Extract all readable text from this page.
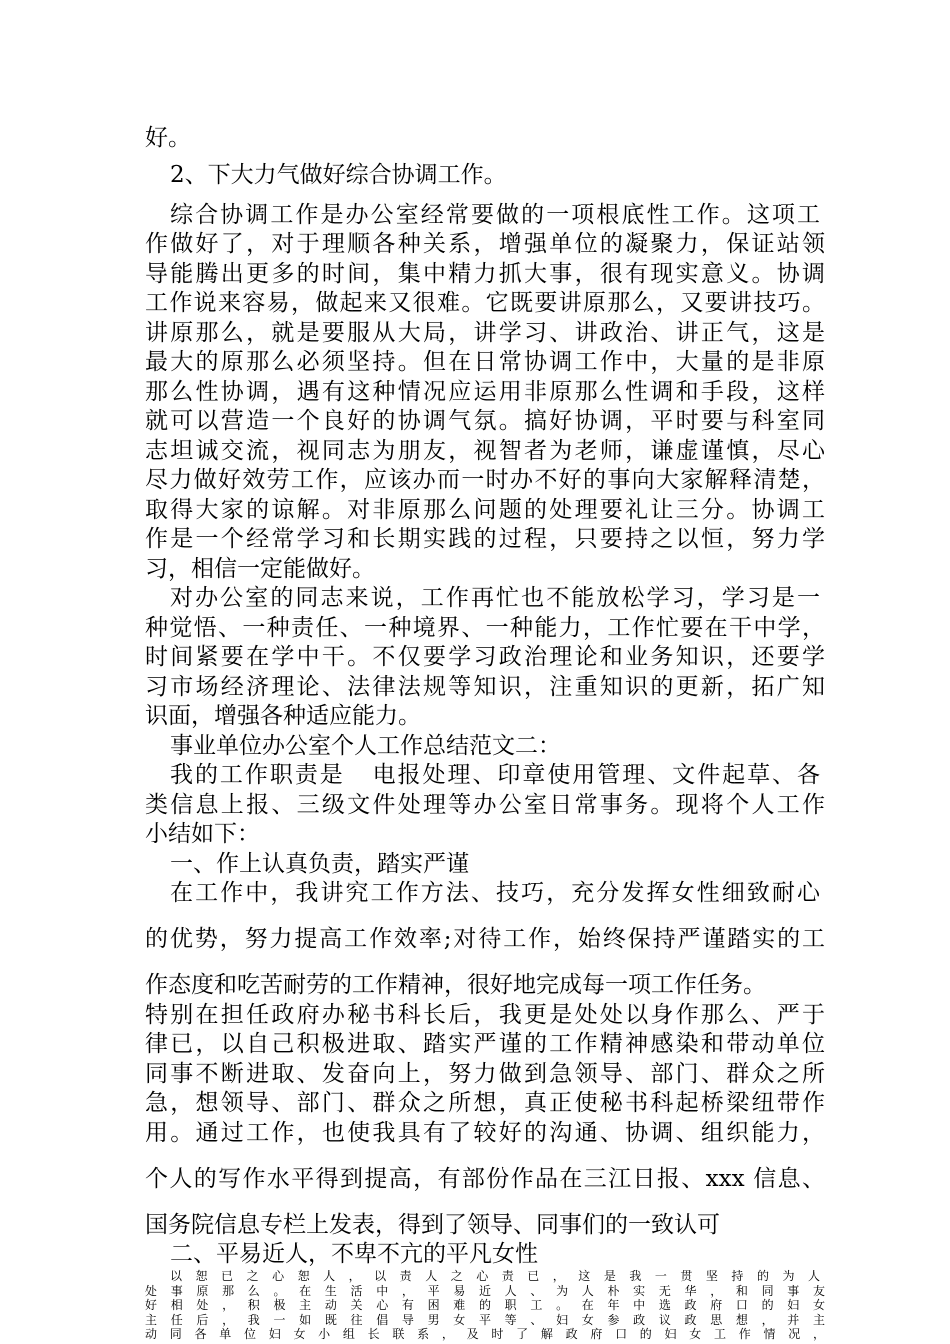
好。
2、下大力气做好综合协调工作。
综合协调工作是办公室经常要做的一项根底性工作。这项工
作做好了，对于理顺各种关系，增强单位的凝聚力，保证站领
导能腾出更多的时间，集中精力抓大事，很有现实意义。协调
工作说来容易，做起来又很难。它既要讲原那么，又要讲技巧。
讲原那么，就是要服从大局，讲学习、讲政治、讲正气，这是
最大的原那么必须坚持。但在日常协调工作中，大量的是非原
那么性协调，遇有这种情况应运用非原那么性调和手段，这样
就可以营造一个良好的协调气氛。搞好协调，平时要与科室同
志坦诚交流，视同志为朋友，视智者为老师，谦虚谨慎，尽心
尽力做好效劳工作，应该办而一时办不好的事向大家解释清楚，
取得大家的谅解。对非原那么问题的处理要礼让三分。协调工
作是一个经常学习和长期实践的过程，只要持之以恒，努力学
习，相信一定能做好。
对办公室的同志来说，工作再忙也不能放松学习，学习是一
种觉悟、一种责任、一种境界、一种能力，工作忙要在干中学，
时间紧要在学中干。不仅要学习政治理论和业务知识，还要学
习市场经济理论、法律法规等知识，注重知识的更新，拓广知
识面，增强各种适应能力。
事业单位办公室个人工作总结范文二：
我的工作职责是   电报处理、印章使用管理、文件起草、各
类信息上报、三级文件处理等办公室日常事务。现将个人工作
小结如下：
一、作上认真负责，踏实严谨
在工作中，我讲究工作方法、技巧，充分发挥女性细致耐心
的优势，努力提高工作效率;对待工作，始终保持严谨踏实的工
作态度和吃苦耐劳的工作精神，很好地完成每一项工作任务。
特别在担任政府办秘书科长后，我更是处处以身作那么、严于
律已，以自己积极进取、踏实严谨的工作精神感染和带动单位
同事不断进取、发奋向上，努力做到急领导、部门、群众之所
急，想领导、部门、群众之所想，真正使秘书科起桥梁纽带作
用。通过工作，也使我具有了较好的沟通、协调、组织能力，
个人的写作水平得到提高，有部份作品在三江日报、xxx 信息、
国务院信息专栏上发表，得到了领导、同事们的一致认可
二、平易近人，不卑不亢的平凡女性
以恕已之心恕人，以责人之心责已，这是我一贯坚持的为人
处事原那么。在生活中，平易近人、为人朴实无华，和同事友
好相处，积极主动关心有困难的职工。在年中选政府口的妇女
主任后，我一如既往倡导男女平等、妇女参政议政思想，并主
动同各单位妇女小组长联系，及时了解政府口的妇女工作情况，
